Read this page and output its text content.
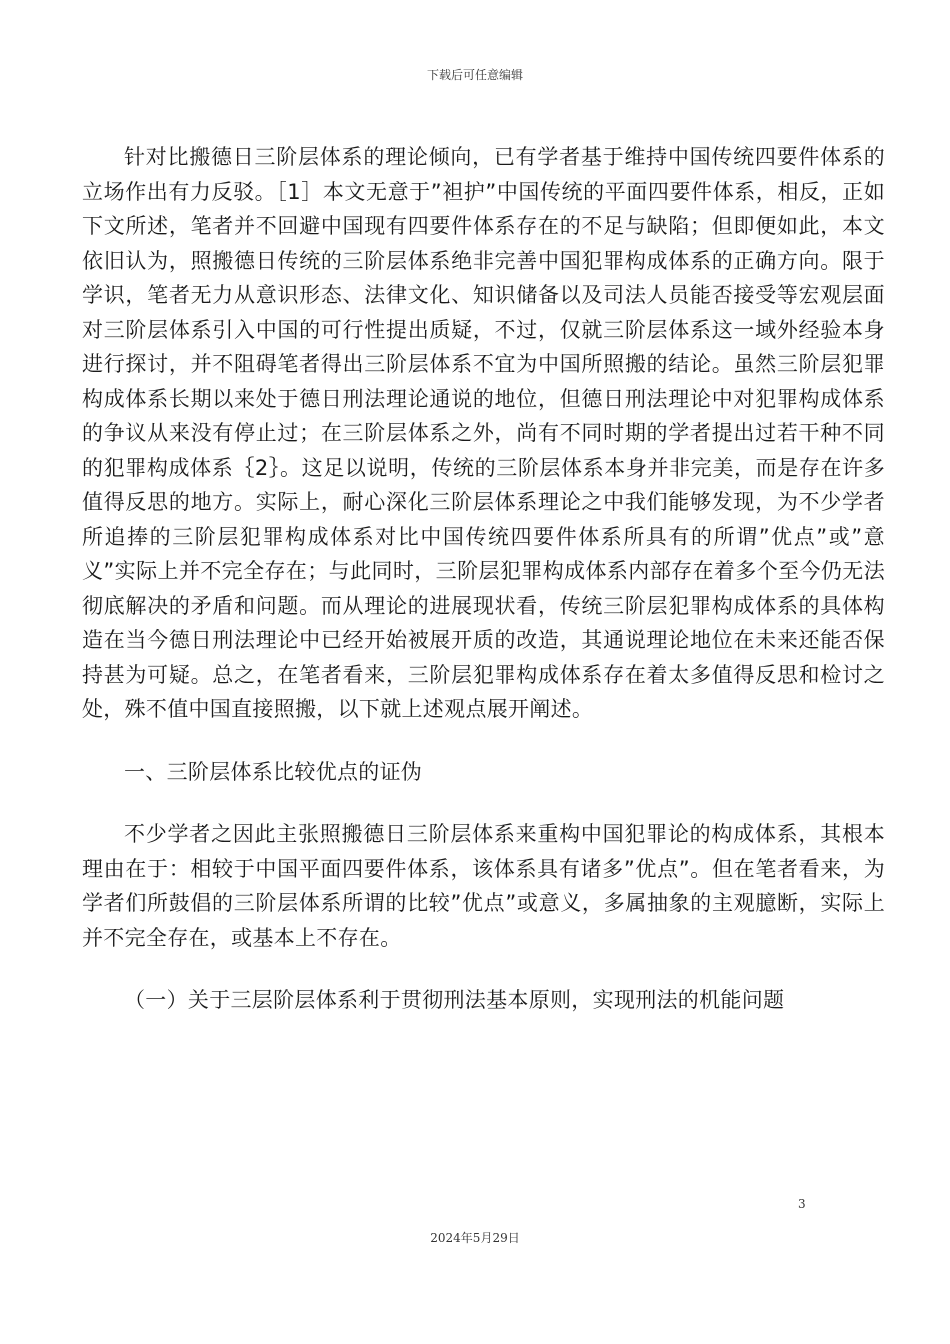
下载后可任意编辑

针对比搬德日三阶层体系的理论倾向，已有学者基于维持中国传统四要件体系的立场作出有力反驳。［1］本文无意于”袒护”中国传统的平面四要件体系，相反，正如下文所述，笔者并不回避中国现有四要件体系存在的不足与缺陷；但即便如此，本文依旧认为，照搬德日传统的三阶层体系绝非完善中国犯罪构成体系的正确方向。限于学识，笔者无力从意识形态、法律文化、知识储备以及司法人员能否接受等宏观层面对三阶层体系引入中国的可行性提出质疑，不过，仅就三阶层体系这一域外经验本身进行探讨，并不阻碍笔者得出三阶层体系不宜为中国所照搬的结论。虽然三阶层犯罪构成体系长期以来处于德日刑法理论通说的地位，但德日刑法理论中对犯罪构成体系的争议从来没有停止过；在三阶层体系之外，尚有不同时期的学者提出过若干种不同的犯罪构成体系｛2｝。这足以说明，传统的三阶层体系本身并非完美，而是存在许多值得反思的地方。实际上，耐心深化三阶层体系理论之中我们能够发现，为不少学者所追捧的三阶层犯罪构成体系对比中国传统四要件体系所具有的所谓”优点”或”意义”实际上并不完全存在；与此同时，三阶层犯罪构成体系内部存在着多个至今仍无法彻底解决的矛盾和问题。而从理论的进展现状看，传统三阶层犯罪构成体系的具体构造在当今德日刑法理论中已经开始被展开质的改造，其通说理论地位在未来还能否保持甚为可疑。总之，在笔者看来，三阶层犯罪构成体系存在着太多值得反思和检讨之处，殊不值中国直接照搬，以下就上述观点展开阐述。

一、三阶层体系比较优点的证伪

不少学者之因此主张照搬德日三阶层体系来重构中国犯罪论的构成体系，其根本理由在于：相较于中国平面四要件体系，该体系具有诸多”优点”。但在笔者看来，为学者们所鼓倡的三阶层体系所谓的比较”优点”或意义，多属抽象的主观臆断，实际上并不完全存在，或基本上不存在。

（一）关于三层阶层体系利于贯彻刑法基本原则，实现刑法的机能问题

3
2024年5月29日
